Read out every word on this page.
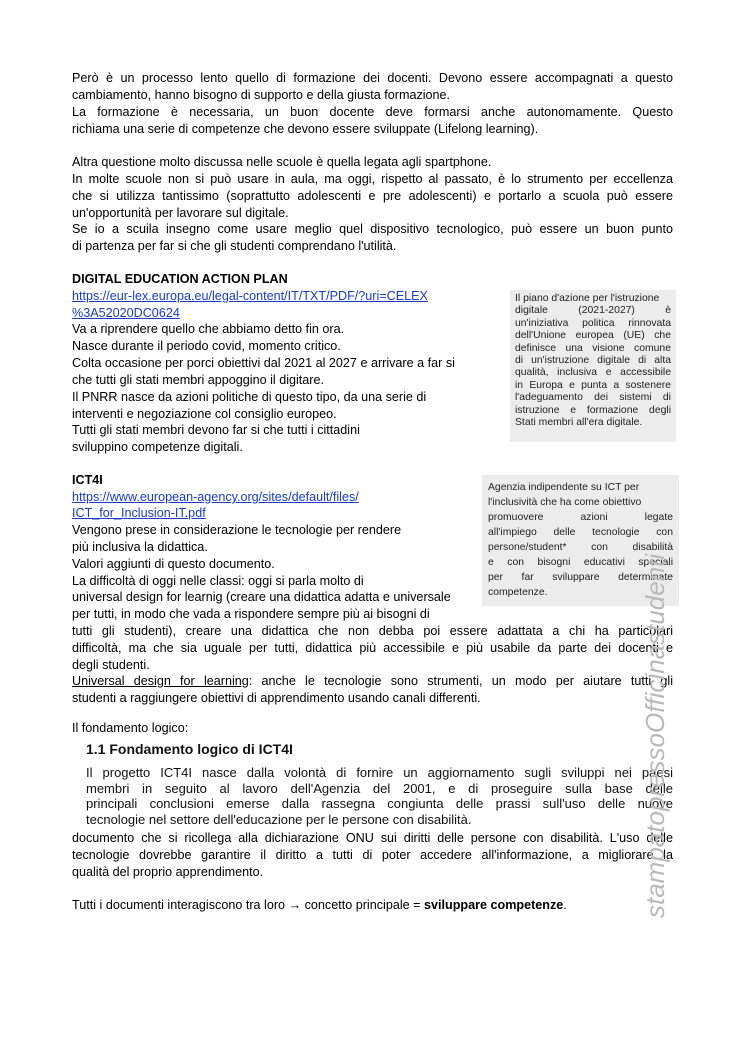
Però è un processo lento quello di formazione dei docenti. Devono essere accompagnati a questo
cambiamento, hanno bisogno di supporto e della giusta formazione.
La formazione è necessaria, un buon docente deve formarsi anche autonomamente. Questo
richiama una serie di competenze che devono essere sviluppate (Lifelong learning).
Altra questione molto discussa nelle scuole è quella legata agli spartphone.
In molte scuole non si può usare in aula, ma oggi, rispetto al passato, è lo strumento per eccellenza
che si utilizza tantissimo (soprattutto adolescenti e pre adolescenti) e portarlo a scuola può essere
un'opportunità per lavorare sul digitale.
Se io a scuila insegno come usare meglio quel dispositivo tecnologico, può essere un buon punto
di partenza per far si che gli studenti comprendano l'utilità.
DIGITAL EDUCATION ACTION PLAN
https://eur-lex.europa.eu/legal-content/IT/TXT/PDF/?uri=CELEX
%3A52020DC0624
Va a riprendere quello che abbiamo detto fin ora.
Nasce durante il periodo covid, momento critico.
Colta occasione per porci obiettivi dal 2021 al 2027 e arrivare a far si
che tutti gli stati membri appoggino il digitare.
Il PNRR nasce da azioni politiche di questo tipo, da una serie di
interventi e negoziazione col consiglio europeo.
Tutti gli stati membri devono far si che tutti i cittadini
sviluppino competenze digitali.
Il piano d'azione per l'istruzione
digitale (2021-2027) è
un'iniziativa politica rinnovata
dell'Unione europea (UE) che
definisce una visione comune
di un'istruzione digitale di alta
qualità, inclusiva e accessibile
in Europa e punta a sostenere
l'adeguamento dei sistemi di
istruzione e formazione degli
Stati membri all'era digitale.
ICT4I
https://www.european-agency.org/sites/default/files/
ICT_for_Inclusion-IT.pdf
Vengono prese in considerazione le tecnologie per rendere
più inclusiva la didattica.
Valori aggiunti di questo documento.
La difficoltà di oggi nelle classi: oggi si parla molto di
universal design for learnig (creare una didattica adatta e universale
per tutti, in modo che vada a rispondere sempre più ai bisogni di
tutti gli studenti), creare una didattica che non debba poi essere adattata a chi ha particolari
difficoltà, ma che sia uguale per tutti, didattica più accessibile e più usabile da parte dei docenti e
degli studenti.
Universal design for learning: anche le tecnologie sono strumenti, un modo per aiutare tutti gli
studenti a raggiungere obiettivi di apprendimento usando canali differenti.
Agenzia indipendente su ICT per
l'inclusività che ha come obiettivo
promuovere azioni legate
all'impiego delle tecnologie con
persone/student* con disabilità
e con bisogni educativi speciali
per far sviluppare determinate
competenze.
Il fondamento logico:
1.1 Fondamento logico di ICT4I
Il progetto ICT4I nasce dalla volontà di fornire un aggiornamento sugli sviluppi nei paesi
membri in seguito al lavoro dell'Agenzia del 2001, e di proseguire sulla base delle
principali conclusioni emerse dalla rassegna congiunta delle prassi sull'uso delle nuove
tecnologie nel settore dell'educazione per le persone con disabilità.
documento che si ricollega alla dichiarazione ONU sui diritti delle persone con disabilità. L'uso delle
tecnologie dovrebbe garantire il diritto a tutti di poter accedere all'informazione, a migliorare la
qualità del proprio apprendimento.
Tutti i documenti interagiscono tra loro → concetto principale = sviluppare competenze.	stampatopressoOfficinastudenti
